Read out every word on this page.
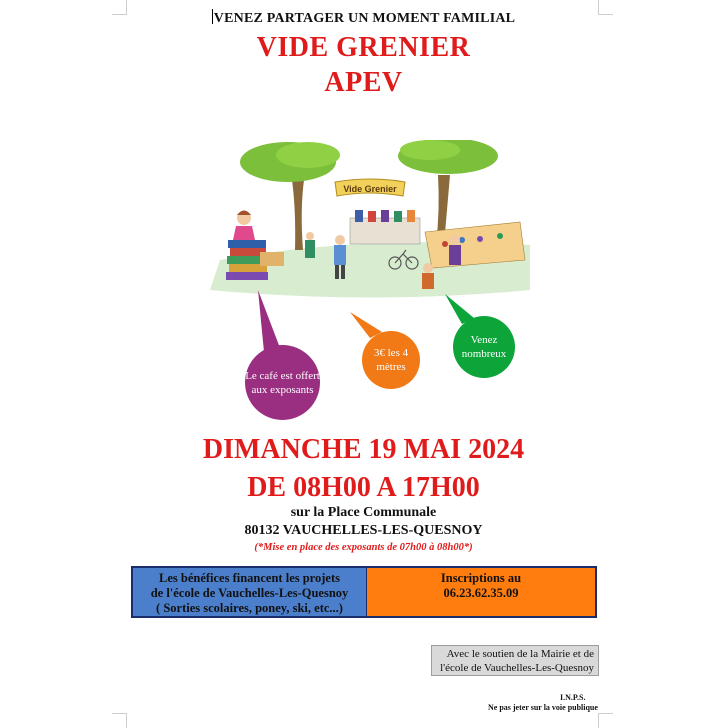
VENEZ PARTAGER UN MOMENT FAMILIAL
VIDE GRENIER
APEV
Vide Grenier
Le café est offert aux exposants
3€ les 4 mètres
Venez nombreux
DIMANCHE 19 MAI 2024
DE 08H00 A 17H00
sur la Place Communale
80132 VAUCHELLES-LES-QUESNOY
(*Mise en place des exposants de 07h00 à 08h00*)
Les bénéfices financent les projets
de l'école de Vauchelles-Les-Quesnoy
( Sorties scolaires, poney, ski, etc...)
Inscriptions au
06.23.62.35.09
Avec le soutien de la Mairie et de
l'école de Vauchelles-Les-Quesnoy
I.N.P.S.
Ne pas jeter sur la voie publique
